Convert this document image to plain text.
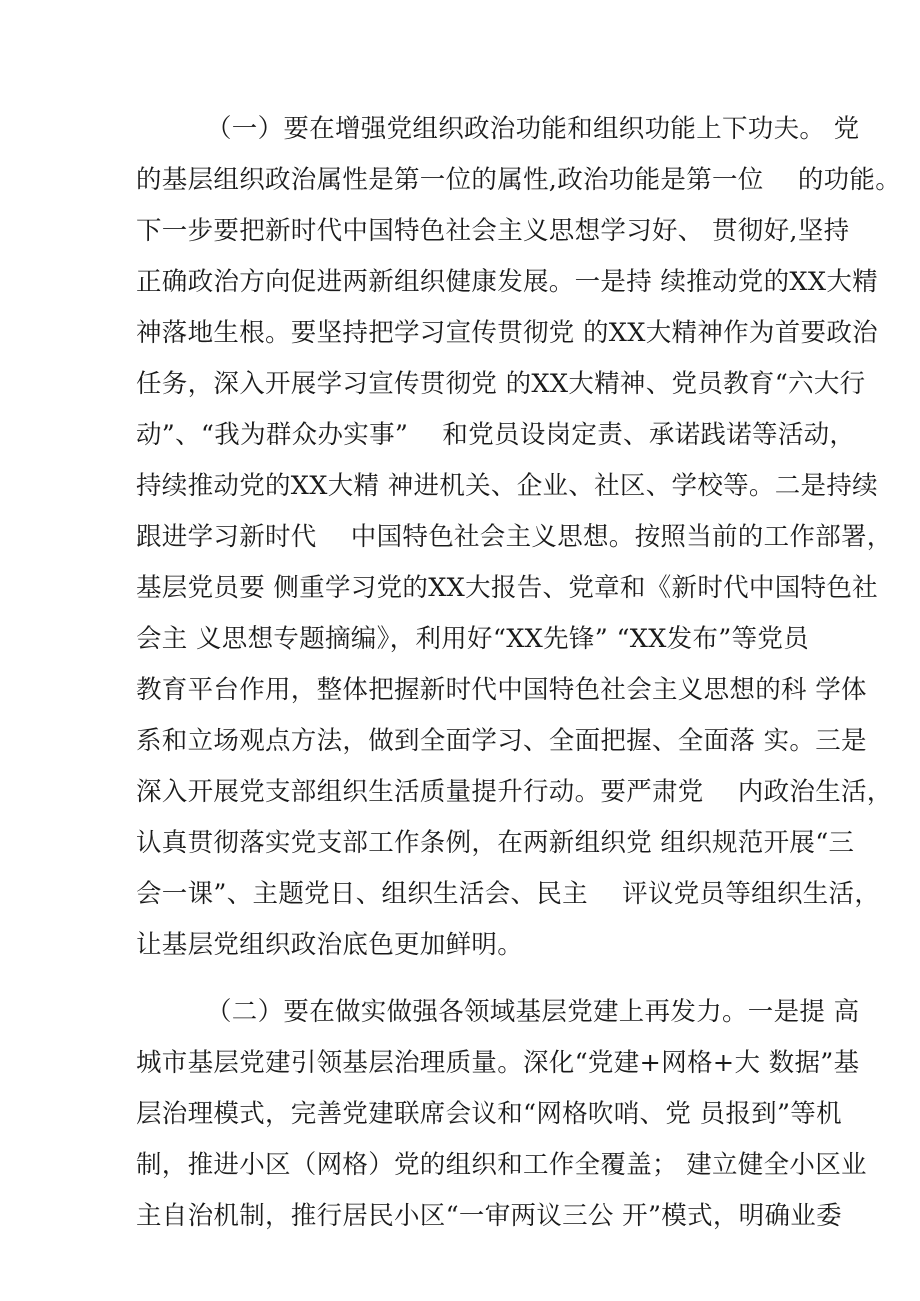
（一）要在增强党组织政治功能和组织功能上下功夫。 党

的基层组织政治属性是第一位的属性,政治功能是第一位　 的功能。

下一步要把新时代中国特色社会主义思想学习好、 贯彻好,坚持

正确政治方向促进两新组织健康发展。一是持 续推动党的XX大精

神落地生根。要坚持把学习宣传贯彻党 的XX大精神作为首要政治

任务，深入开展学习宣传贯彻党 的XX大精神、党员教育“六大行

动”、“我为群众办实事”　 和党员设岗定责、承诺践诺等活动，

持续推动党的XX大精 神进机关、企业、社区、学校等。二是持续

跟进学习新时代　 中国特色社会主义思想。按照当前的工作部署，

基层党员要 侧重学习党的XX大报告、党章和《新时代中国特色社

会主 义思想专题摘编》，利用好“XX先锋” “XX发布”等党员

教育平台作用，整体把握新时代中国特色社会主义思想的科 学体

系和立场观点方法，做到全面学习、全面把握、全面落 实。三是

深入开展党支部组织生活质量提升行动。要严肃党　 内政治生活，

认真贯彻落实党支部工作条例，在两新组织党 组织规范开展“三

会一课”、主题党日、组织生活会、民主　 评议党员等组织生活，

让基层党组织政治底色更加鲜明。

（二）要在做实做强各领域基层党建上再发力。一是提 高

城市基层党建引领基层治理质量。深化“党建+网格+大 数据”基

层治理模式，完善党建联席会议和“网格吹哨、党 员报到”等机

制，推进小区（网格）党的组织和工作全覆盖； 建立健全小区业

主自治机制，推行居民小区“一审两议三公 开”模式，明确业委
